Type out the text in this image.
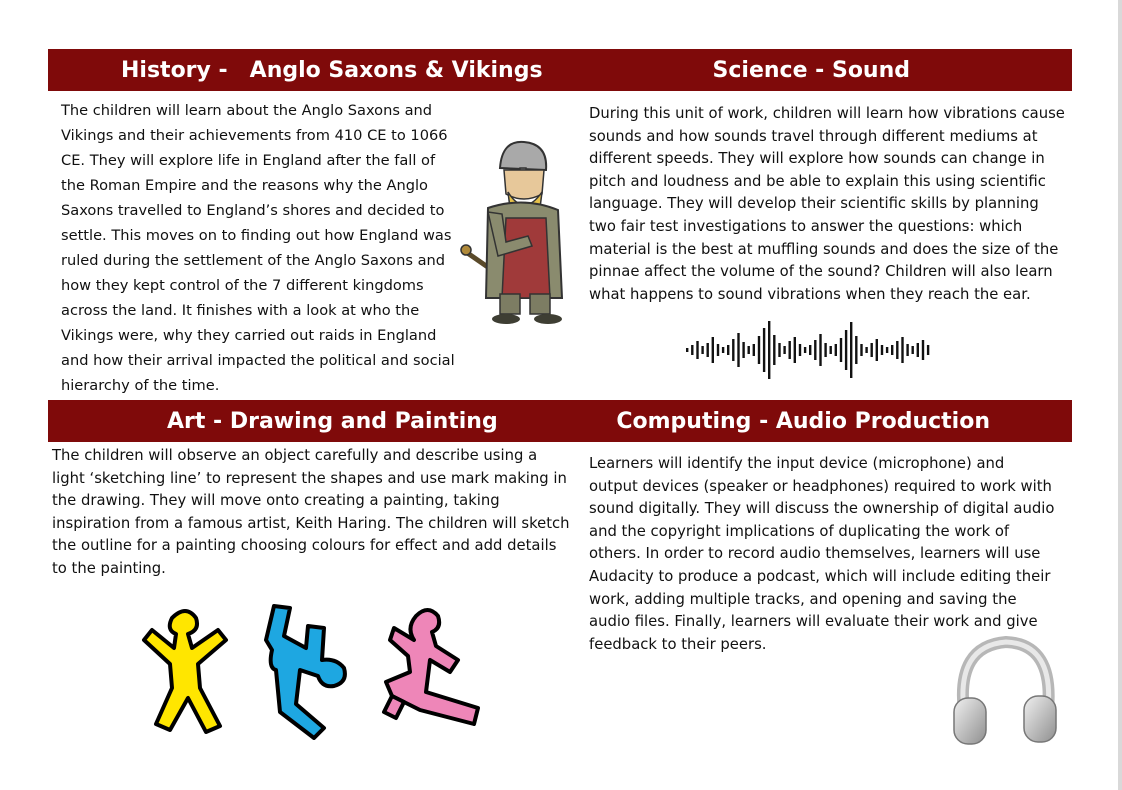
History - Anglo Saxons & Vikings	Science - Sound
The children will learn about the Anglo Saxons and Vikings and their achievements from 410 CE to 1066 CE. They will explore life in England after the fall of the Roman Empire and the reasons why the Anglo Saxons travelled to England’s shores and decided to settle. This moves on to finding out how England was ruled during the settlement of the Anglo Saxons and how they kept control of the 7 different kingdoms across the land. It finishes with a look at who the Vikings were, why they carried out raids in England and how their arrival impacted the political and social hierarchy of the time.
During this unit of work, children will learn how vibrations cause sounds and how sounds travel through different mediums at different speeds. They will explore how sounds can change in pitch and loudness and be able to explain this using scientific language. They will develop their scientific skills by planning two fair test investigations to answer the questions: which material is the best at muffling sounds and does the size of the pinnae affect the volume of the sound? Children will also learn what happens to sound vibrations when they reach the ear.
Art - Drawing and Painting	Computing - Audio Production
The children will observe an object carefully and describe using a light ‘sketching line’ to represent the shapes and use mark making in the drawing. They will move onto creating a painting, taking inspiration from a famous artist, Keith Haring. The children will sketch the outline for a painting choosing colours for effect and add details to the painting.
Learners will identify the input device (microphone) and output devices (speaker or headphones) required to work with sound digitally. They will discuss the ownership of digital audio and the copyright implications of duplicating the work of others. In order to record audio themselves, learners will use Audacity to produce a podcast, which will include editing their work, adding multiple tracks, and opening and saving the audio files. Finally, learners will evaluate their work and give feedback to their peers.
